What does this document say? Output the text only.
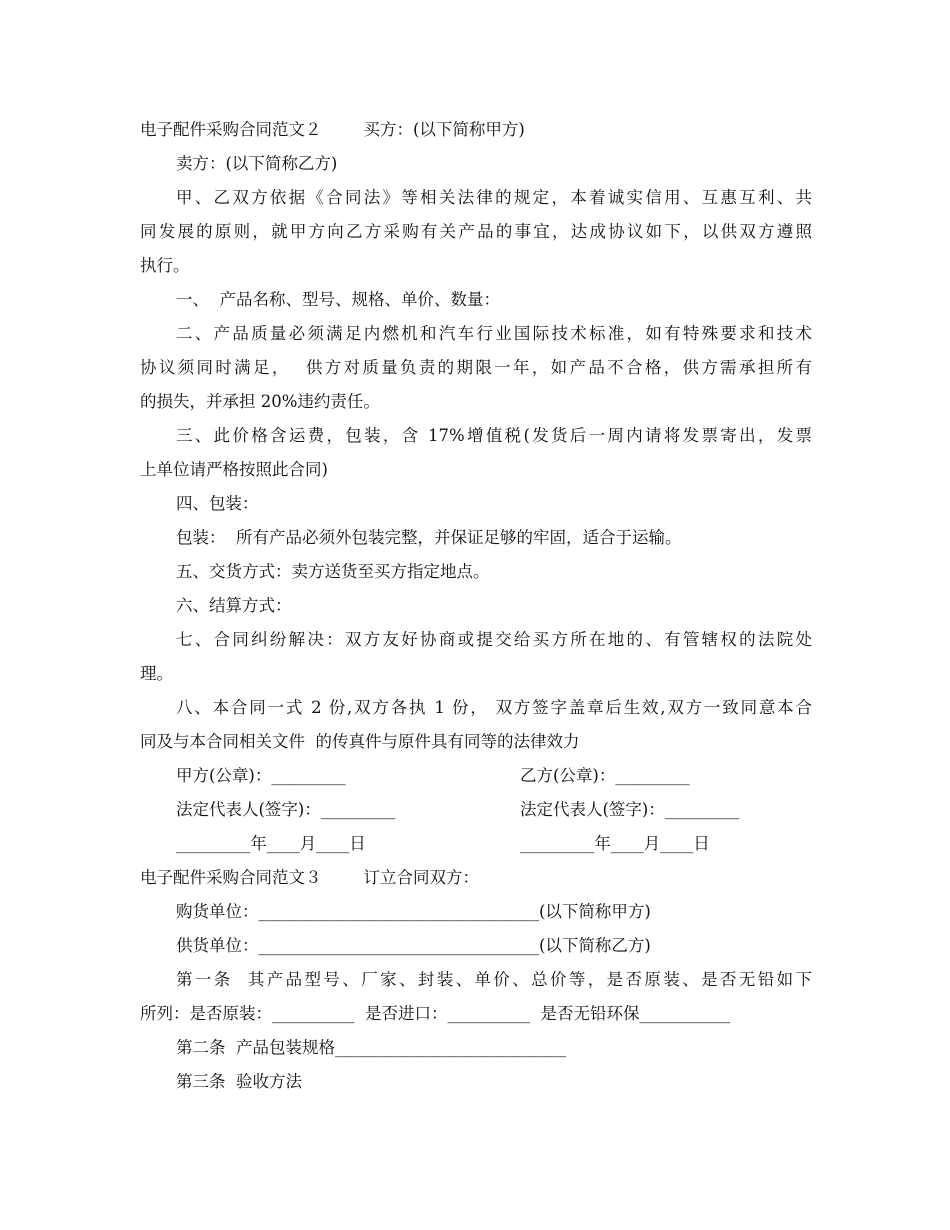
电子配件采购合同范文２        买方：(以下简称甲方)
卖方：(以下简称乙方)
甲、乙双方依据《合同法》等相关法律的规定，本着诚实信用、互惠互利、共
同发展的原则，就甲方向乙方采购有关产品的事宜，达成协议如下，以供双方遵照
执行。
一、  产品名称、型号、规格、单价、数量：
二、产品质量必须满足内燃机和汽车行业国际技术标准，如有特殊要求和技术
协议须同时满足，  供方对质量负责的期限一年，如产品不合格，供方需承担所有
的损失，并承担 20%违约责任。
三、此价格含运费，包装，含 17%增值税(发货后一周内请将发票寄出，发票
上单位请严格按照此合同)
四、包装：
包装：  所有产品必须外包装完整，并保证足够的牢固，适合于运输。
五、交货方式：卖方送货至买方指定地点。
六、结算方式：
七、合同纠纷解决：双方友好协商或提交给买方所在地的、有管辖权的法院处
理。
八、本合同一式 2 份,双方各执 1 份， 双方签字盖章后生效,双方一致同意本合
同及与本合同相关文件  的传真件与原件具有同等的法律效力
甲方(公章)：_________	乙方(公章)：_________
法定代表人(签字)：_________	法定代表人(签字)：_________
_________年____月____日	_________年____月____日
电子配件采购合同范文３        订立合同双方：
购货单位：__________________________________(以下简称甲方)
供货单位：__________________________________(以下简称乙方)
第一条  其产品型号、厂家、封装、单价、总价等，是否原装、是否无铅如下
所列：是否原装：__________  是否进口：__________  是否无铅环保___________
第二条  产品包装规格____________________________
第三条  验收方法
